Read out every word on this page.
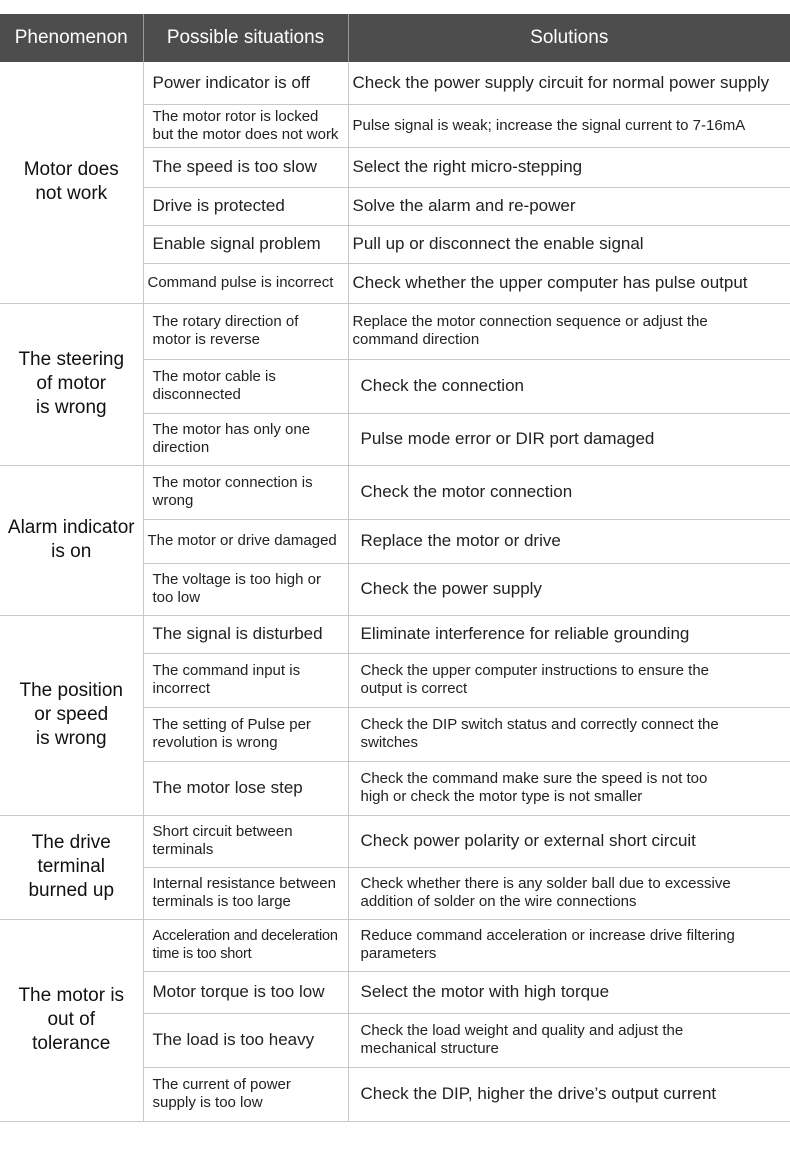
Phenomenon	Possible situations	Solutions
Motor does
not work	Power indicator is off	Check the power supply circuit for normal power supply
	The motor rotor is locked
but the motor does not work	Pulse signal is weak; increase the signal current to 7-16mA
	The speed is too slow	Select the right micro-stepping
	Drive is protected	Solve the alarm and re-power
	Enable signal problem	Pull up or disconnect the enable signal
	Command pulse is incorrect	Check whether the upper computer has pulse output
The steering
of motor
is wrong	The rotary direction of
motor is reverse	Replace the motor connection sequence or adjust the
command direction
	The motor cable is
disconnected	Check the connection
	The motor has only one
direction	Pulse mode error or DIR port damaged
Alarm indicator
is on	The motor connection is
wrong	Check the motor connection
	The motor or drive damaged	Replace the motor or drive
	The voltage is too high or
too low	Check the power supply
The position
or speed
is wrong	The signal is disturbed	Eliminate interference for reliable grounding
	The command input is
incorrect	Check the upper computer instructions to ensure the
output is correct
	The setting of Pulse per
revolution is wrong	Check the DIP switch status and correctly connect the
switches
	The motor lose step	Check the command make sure the speed is not too
high or check the motor type is not smaller
The drive
terminal
burned up	Short circuit between
terminals	Check power polarity or external short circuit
	Internal resistance between
terminals is too large	Check whether there is any solder ball due to excessive
addition of solder on the wire connections
The motor is
out of
tolerance	Acceleration and deceleration
time is too short	Reduce command acceleration or increase drive filtering
parameters
	Motor torque is too low	Select the motor with high torque
	The load is too heavy	Check the load weight and quality and adjust the
mechanical structure
	The current of power
supply is too low	Check the DIP, higher the drive’s output current
